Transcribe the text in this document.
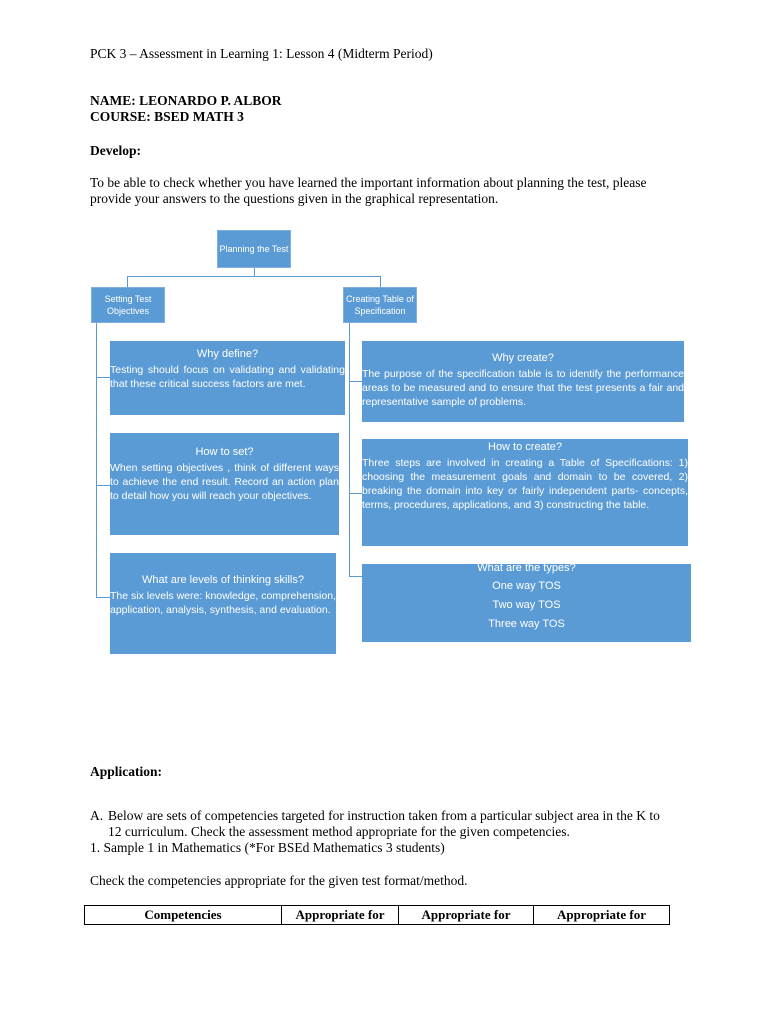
PCK 3 – Assessment in Learning 1: Lesson 4 (Midterm Period)
NAME: LEONARDO P. ALBOR
COURSE: BSED MATH 3
Develop:
To be able to check whether you have learned the important information about planning the test, please provide your answers to the questions given in the graphical representation.
Planning the Test
Setting Test Objectives
Creating Table of Specification
Why define?
Testing should focus on validating and validating that these critical success factors are met.
How to set?
When setting objectives , think of different ways to achieve the end result. Record an action plan to detail how you will reach your objectives.
What are levels of thinking skills?
The six levels were: knowledge, comprehension, application, analysis, synthesis, and evaluation.
Why create?
The purpose of the specification table is to identify the performance areas to be measured and to ensure that the test presents a fair and representative sample of problems.
How to create?
Three steps are involved in creating a Table of Specifications: 1) choosing the measurement goals and domain to be covered, 2) breaking the domain into key or fairly independent parts- concepts, terms, procedures, applications, and 3) constructing the table.
What are the types?
One way TOS
Two way TOS
Three way TOS
Application:
A. Below are sets of competencies targeted for instruction taken from a particular subject area in the K to
12 curriculum. Check the assessment method appropriate for the given competencies.
1. Sample 1 in Mathematics (*For BSEd Mathematics 3 students)
Check the competencies appropriate for the given test format/method.
Competencies	Appropriate for	Appropriate for	Appropriate for
